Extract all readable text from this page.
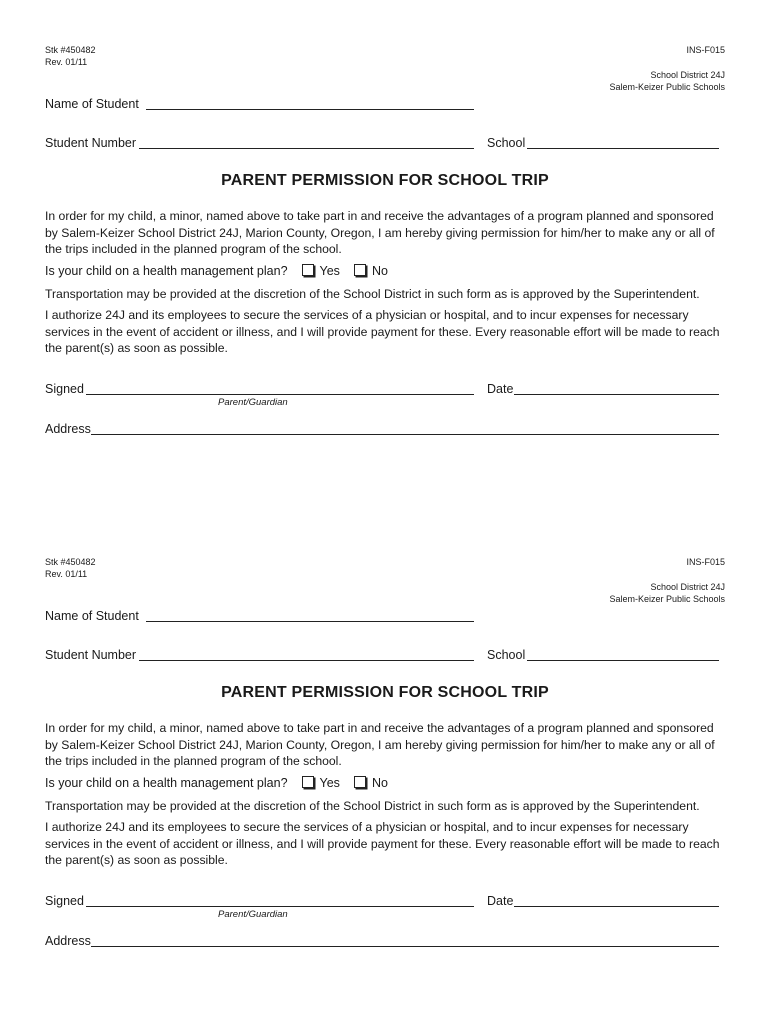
Stk #450482
Rev. 01/11
INS-F015
School District 24J
Salem-Keizer Public Schools
Name of Student
Student Number	School
PARENT PERMISSION FOR SCHOOL TRIP
In order for my child, a minor, named above to take part in and receive the advantages of a program planned and sponsored by Salem-Keizer School District 24J, Marion County, Oregon, I am hereby giving permission for him/her to make any or all of the trips included in the planned program of the school.
Is your child on a health management plan?	Yes	No
Transportation may be provided at the discretion of the School District in such form as is approved by the Superintendent.
I authorize 24J and its employees to secure the services of a physician or hospital, and to incur expenses for necessary services in the event of accident or illness, and I will provide payment for these. Every reasonable effort will be made to reach the parent(s) as soon as possible.
Signed
Parent/Guardian
Date
Address
Stk #450482
Rev. 01/11
INS-F015
School District 24J
Salem-Keizer Public Schools
Name of Student
Student Number	School
PARENT PERMISSION FOR SCHOOL TRIP
In order for my child, a minor, named above to take part in and receive the advantages of a program planned and sponsored by Salem-Keizer School District 24J, Marion County, Oregon, I am hereby giving permission for him/her to make any or all of the trips included in the planned program of the school.
Is your child on a health management plan?	Yes	No
Transportation may be provided at the discretion of the School District in such form as is approved by the Superintendent.
I authorize 24J and its employees to secure the services of a physician or hospital, and to incur expenses for necessary services in the event of accident or illness, and I will provide payment for these. Every reasonable effort will be made to reach the parent(s) as soon as possible.
Signed
Parent/Guardian
Date
Address
